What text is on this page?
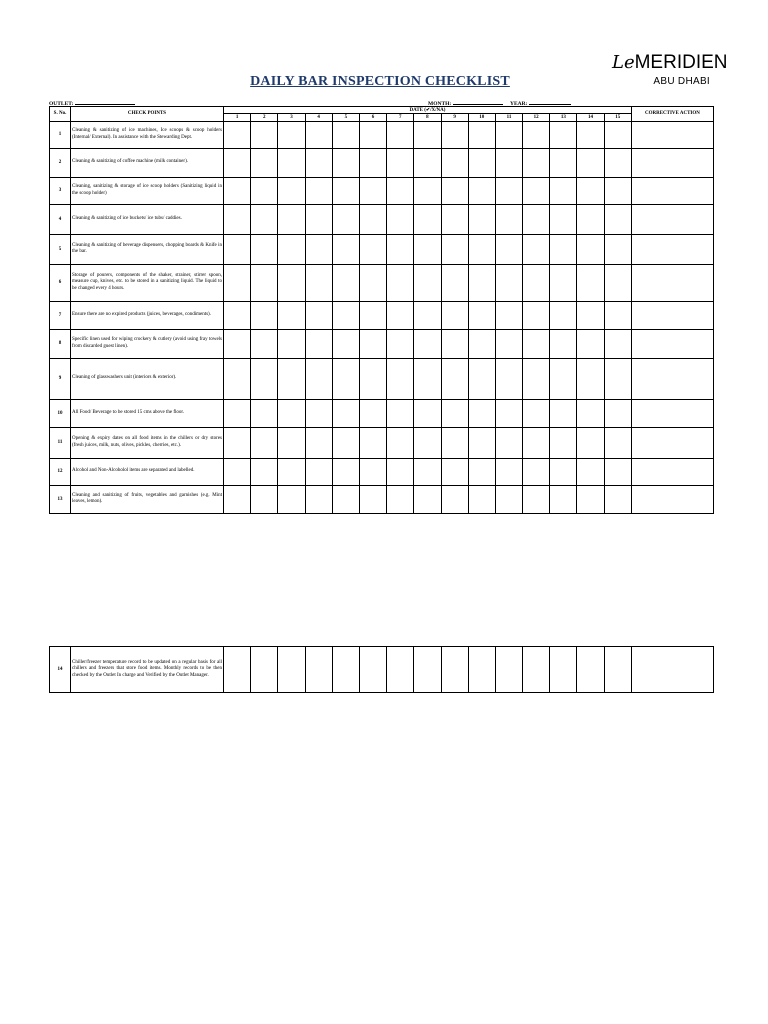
LeMERIDIEN
ABU DHABI
DAILY BAR INSPECTION CHECKLIST
OUTLET:	MONTH:	YEAR:
S. No.	CHECK POINTS	DATE (✔/X/NA)															CORRECTIVE ACTION
		1	2	3	4	5	6	7	8	9	10	11	12	13	14	15	
1	Cleaning & sanitizing of ice machines, Ice scoops & scoop holders (Internal/ External). In assistance with the Stewarding Dept.																
2	Cleaning & sanitizing of coffee machine (milk container).																
3	Cleaning, sanitizing & storage of ice scoop holders (Sanitizing liquid in the scoop holder)																
4	Cleaning & sanitizing of ice buckets/ ice tubs/ caddies.																
5	Cleaning & sanitizing of beverage dispensers, chopping boards & Knife in the bar.																
6	Storage of pourers, components of the shaker, strainer, stirrer spoon, measure cup, knives, etc. to be stored in a sanitizing liquid. The liquid to be changed every 4 hours.																
7	Ensure there are no expired products (juices, beverages, condiments).																
8	Specific linen used for wiping crockery & cutlery (avoid using fray towels from discarded guest linen).																
9	Cleaning of glasswashers unit (interiors & exterior).																
10	All Food/ Beverage to be stored 15 cms above the floor.																
11	Opening & expiry dates on all food items in the chillers or dry stores (fresh juices, milk, nuts, olives, pickles, cherries, etc.).																
12	Alcohol and Non-Alcoholol items are separated and labelled.																
13	Cleaning and sanitizing of fruits, vegetables and garnishes (e.g. Mint leaves, lemon).																
14	Chiller/freezer temperature record to be updated on a regular basis for all chillers and freezers that store food items. Monthly records to be then checked by the Outlet In charge and Verified by the Outlet Manager.																
